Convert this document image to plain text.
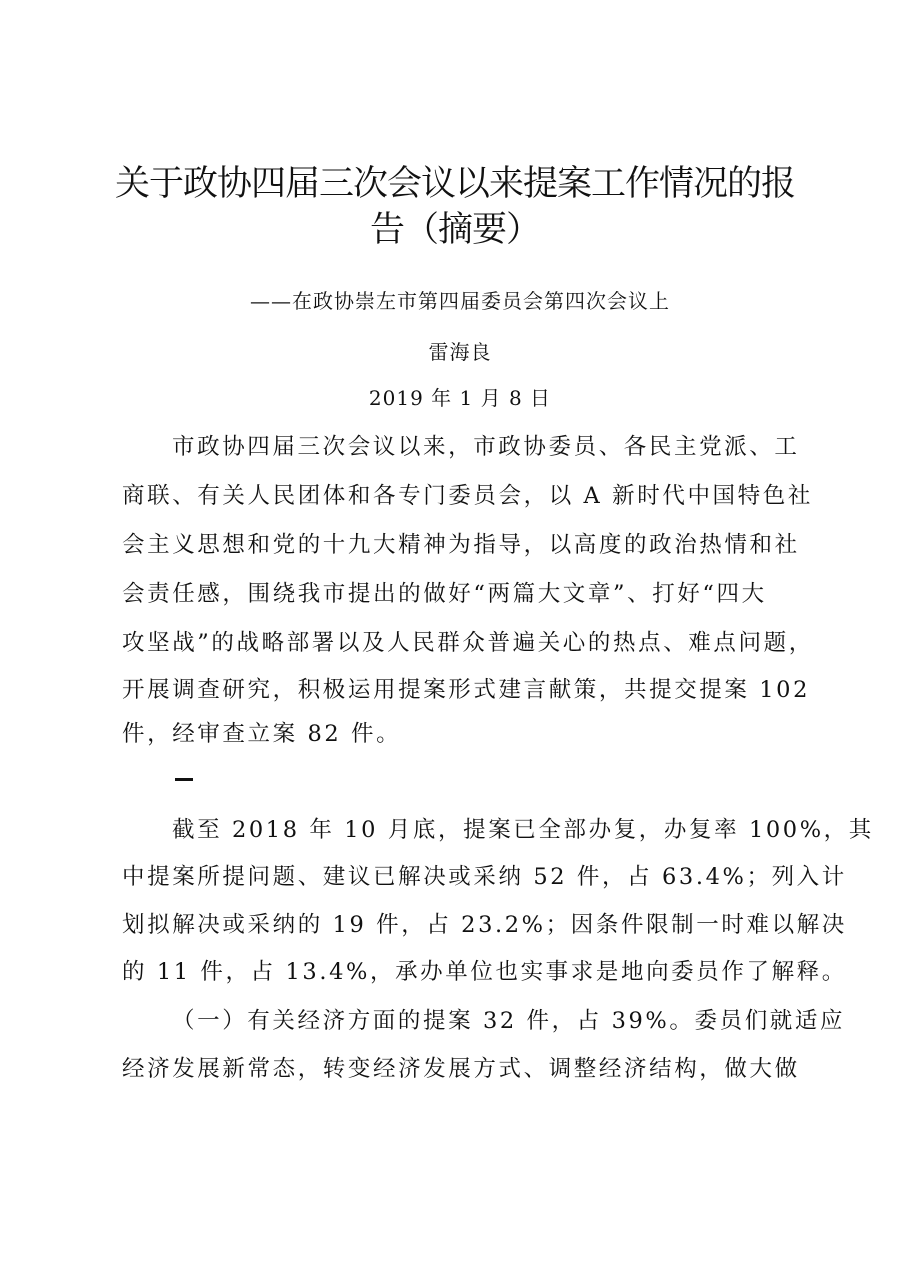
关于政协四届三次会议以来提案工作情况的报
告（摘要）

——在政协崇左市第四届委员会第四次会议上

雷海良

2019 年 1 月 8 日

市政协四届三次会议以来，市政协委员、各民主党派、工

商联、有关人民团体和各专门委员会，以 A 新时代中国特色社

会主义思想和党的十九大精神为指导，以高度的政治热情和社

会责任感，围绕我市提出的做好“两篇大文章”、打好“四大

攻坚战”的战略部署以及人民群众普遍关心的热点、难点问题，

开展调查研究，积极运用提案形式建言献策，共提交提案 102

件，经审查立案 82 件。

截至 2018 年 10 月底，提案已全部办复，办复率 100%，其

中提案所提问题、建议已解决或采纳 52 件，占 63.4%；列入计

划拟解决或采纳的 19 件，占 23.2%；因条件限制一时难以解决

的 11 件，占 13.4%，承办单位也实事求是地向委员作了解释。

（一）有关经济方面的提案 32 件，占 39%。委员们就适应

经济发展新常态，转变经济发展方式、调整经济结构，做大做
